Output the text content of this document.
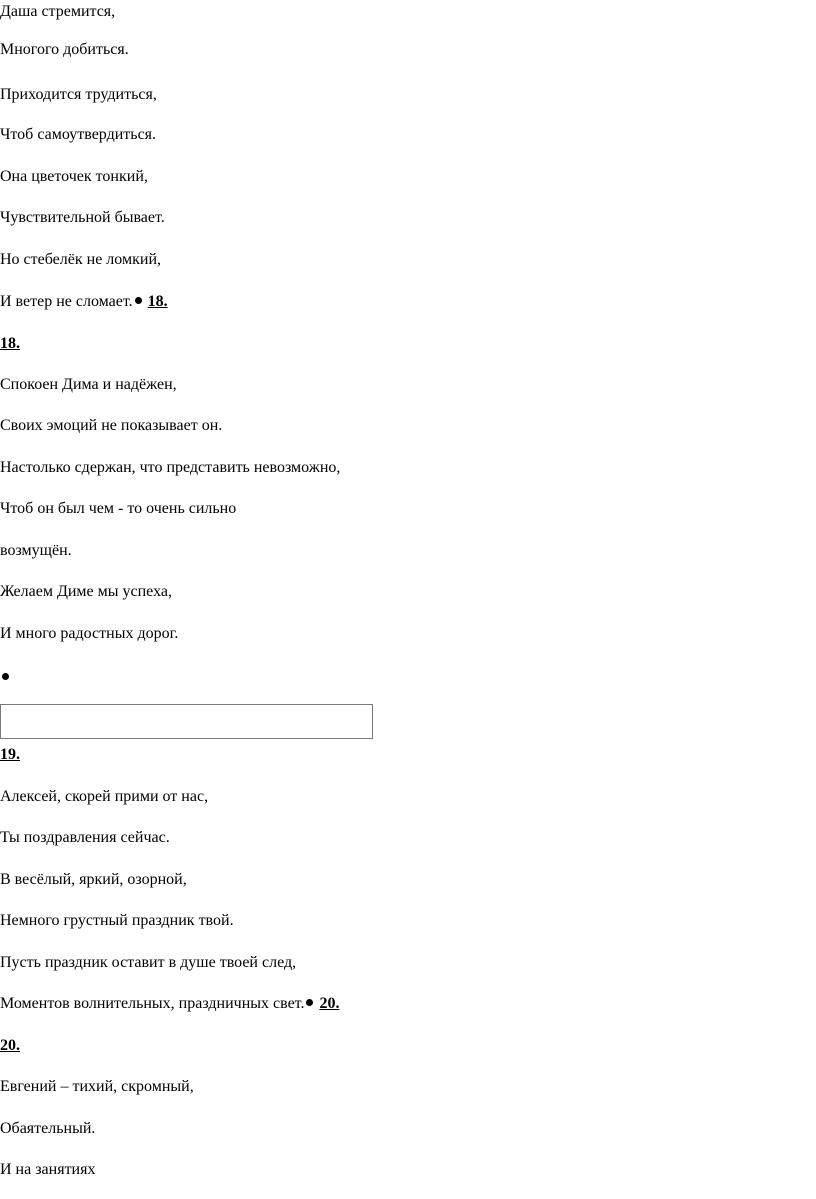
Даша стремится,
Многого добиться.
Приходится трудиться,
Чтоб самоутвердиться.
Она цветочек тонкий,
Чувствительной бывает.
Но стебелёк не ломкий,
И ветер не сломает. 18.
18.
Спокоен Дима и надёжен,
Своих эмоций не показывает он.
Настолько сдержан, что представить невозможно,
Чтоб он был чем - то очень сильно
возмущён.
Желаем Диме мы успеха,
И много радостных дорог.
19.
Алексей, скорей прими от нас,
Ты поздравления сейчас.
В весёлый, яркий, озорной,
Немного грустный праздник твой.
Пусть праздник оставит в душе твоей след,
Моментов волнительных, праздничных свет. 20.
20.
Евгений – тихий, скромный,
Обаятельный.
И на занятиях
